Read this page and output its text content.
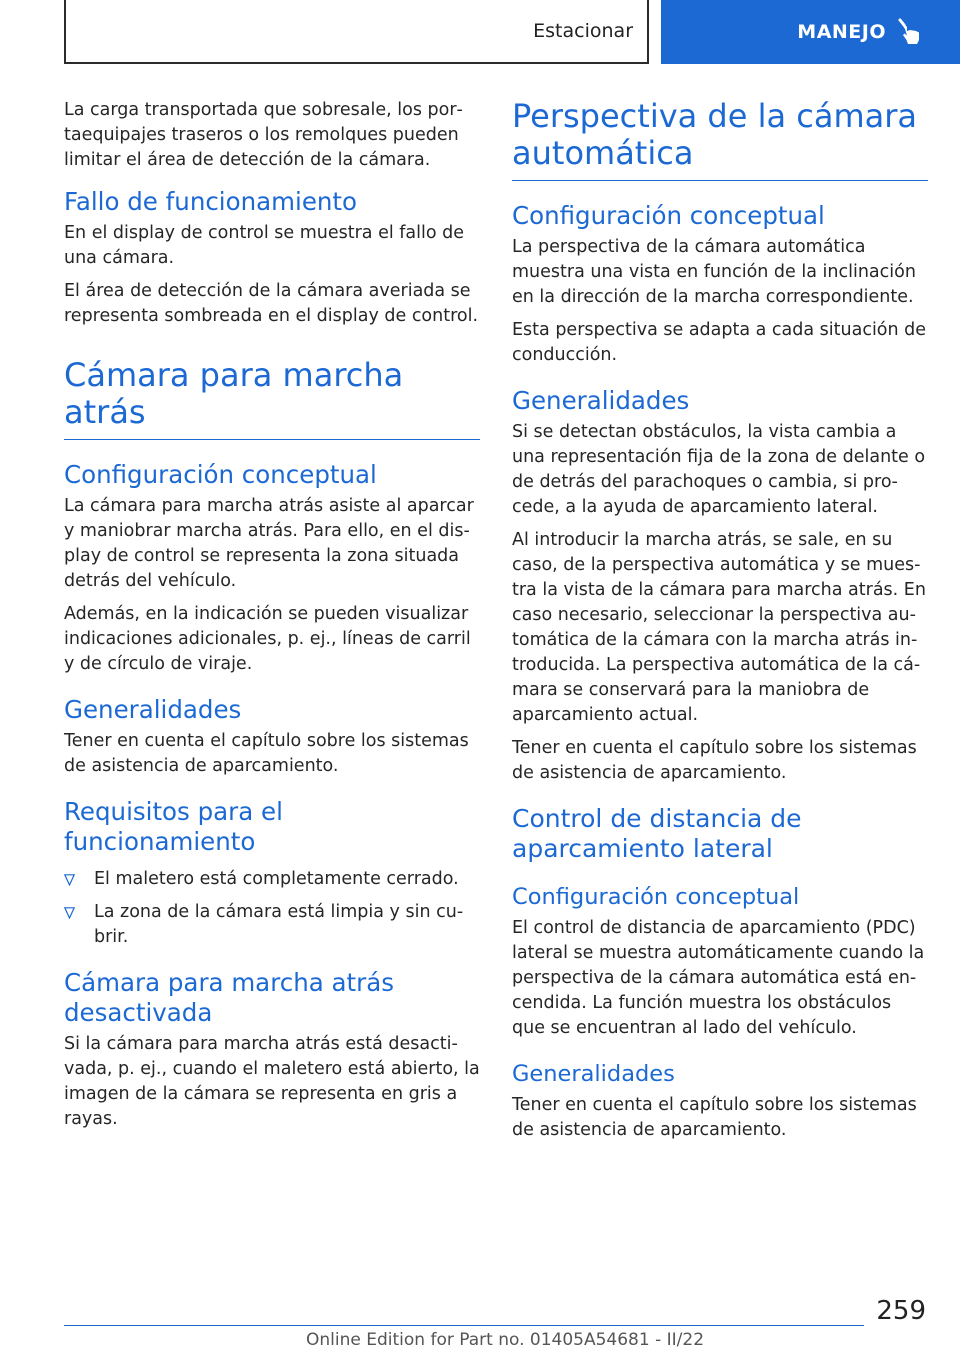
Estacionar	MANEJO

La carga transportada que sobresale, los por‐taequipajes traseros o los remolques pueden limitar el área de detección de la cámara.

Fallo de funcionamiento

En el display de control se muestra el fallo de una cámara.

El área de detección de la cámara averiada se representa sombreada en el display de control.

Cámara para marcha atrás
Configuración conceptual

La cámara para marcha atrás asiste al aparcar y maniobrar marcha atrás. Para ello, en el dis‐play de control se representa la zona situada detrás del vehículo.

Además, en la indicación se pueden visualizar indicaciones adicionales, p. ej., líneas de carril y de círculo de viraje.

Generalidades

Tener en cuenta el capítulo sobre los sistemas de asistencia de aparcamiento.

Requisitos para el funcionamiento
El maletero está completamente cerrado.
La zona de la cámara está limpia y sin cu‐brir.
Cámara para marcha atrás desactivada

Si la cámara para marcha atrás está desacti‐vada, p. ej., cuando el maletero está abierto, la imagen de la cámara se representa en gris a rayas.

Perspectiva de la cámara automática
Configuración conceptual

La perspectiva de la cámara automática muestra una vista en función de la inclinación en la dirección de la marcha correspondiente.

Esta perspectiva se adapta a cada situación de conducción.

Generalidades

Si se detectan obstáculos, la vista cambia a una representación fija de la zona de delante o de detrás del parachoques o cambia, si pro‐cede, a la ayuda de aparcamiento lateral.

Al introducir la marcha atrás, se sale, en su caso, de la perspectiva automática y se mues‐tra la vista de la cámara para marcha atrás. En caso necesario, seleccionar la perspectiva au‐tomática de la cámara con la marcha atrás in‐troducida. La perspectiva automática de la cá‐mara se conservará para la maniobra de aparcamiento actual.

Tener en cuenta el capítulo sobre los sistemas de asistencia de aparcamiento.

Control de distancia de aparcamiento lateral
Configuración conceptual

El control de distancia de aparcamiento (PDC) lateral se muestra automáticamente cuando la perspectiva de la cámara automática está en‐cendida. La función muestra los obstáculos que se encuentran al lado del vehículo.

Generalidades

Tener en cuenta el capítulo sobre los sistemas de asistencia de aparcamiento.

259
Online Edition for Part no. 01405A54681 - II/22
